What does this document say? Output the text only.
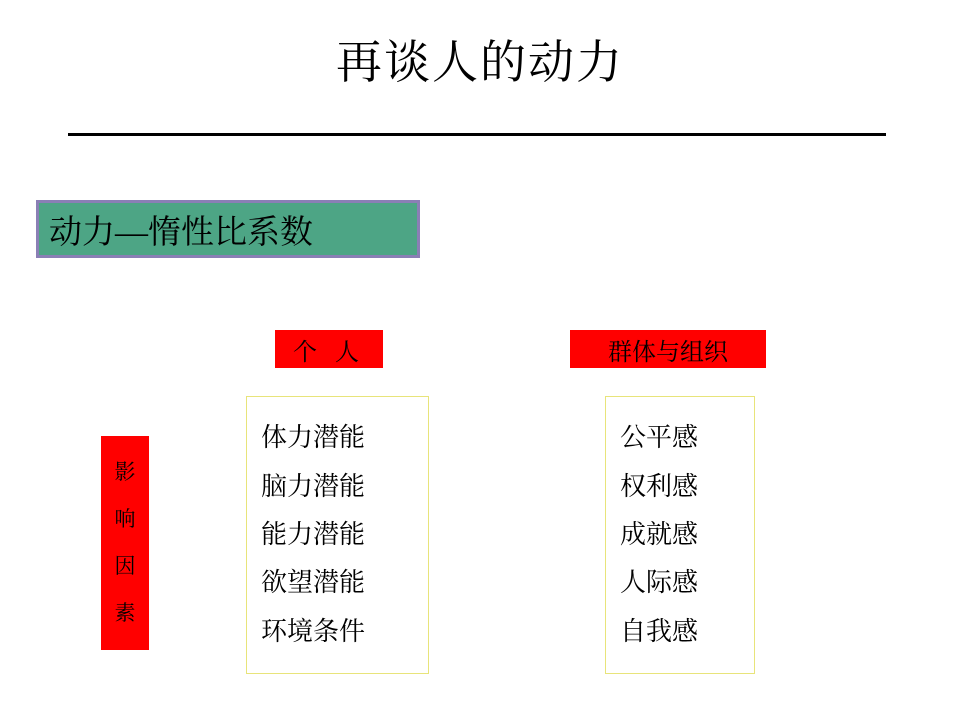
再谈人的动力
动力—惰性比系数
个 人	群体与组织
影
响
因
素
体力潜能
脑力潜能
能力潜能
欲望潜能
环境条件
公平感
权利感
成就感
人际感
自我感
